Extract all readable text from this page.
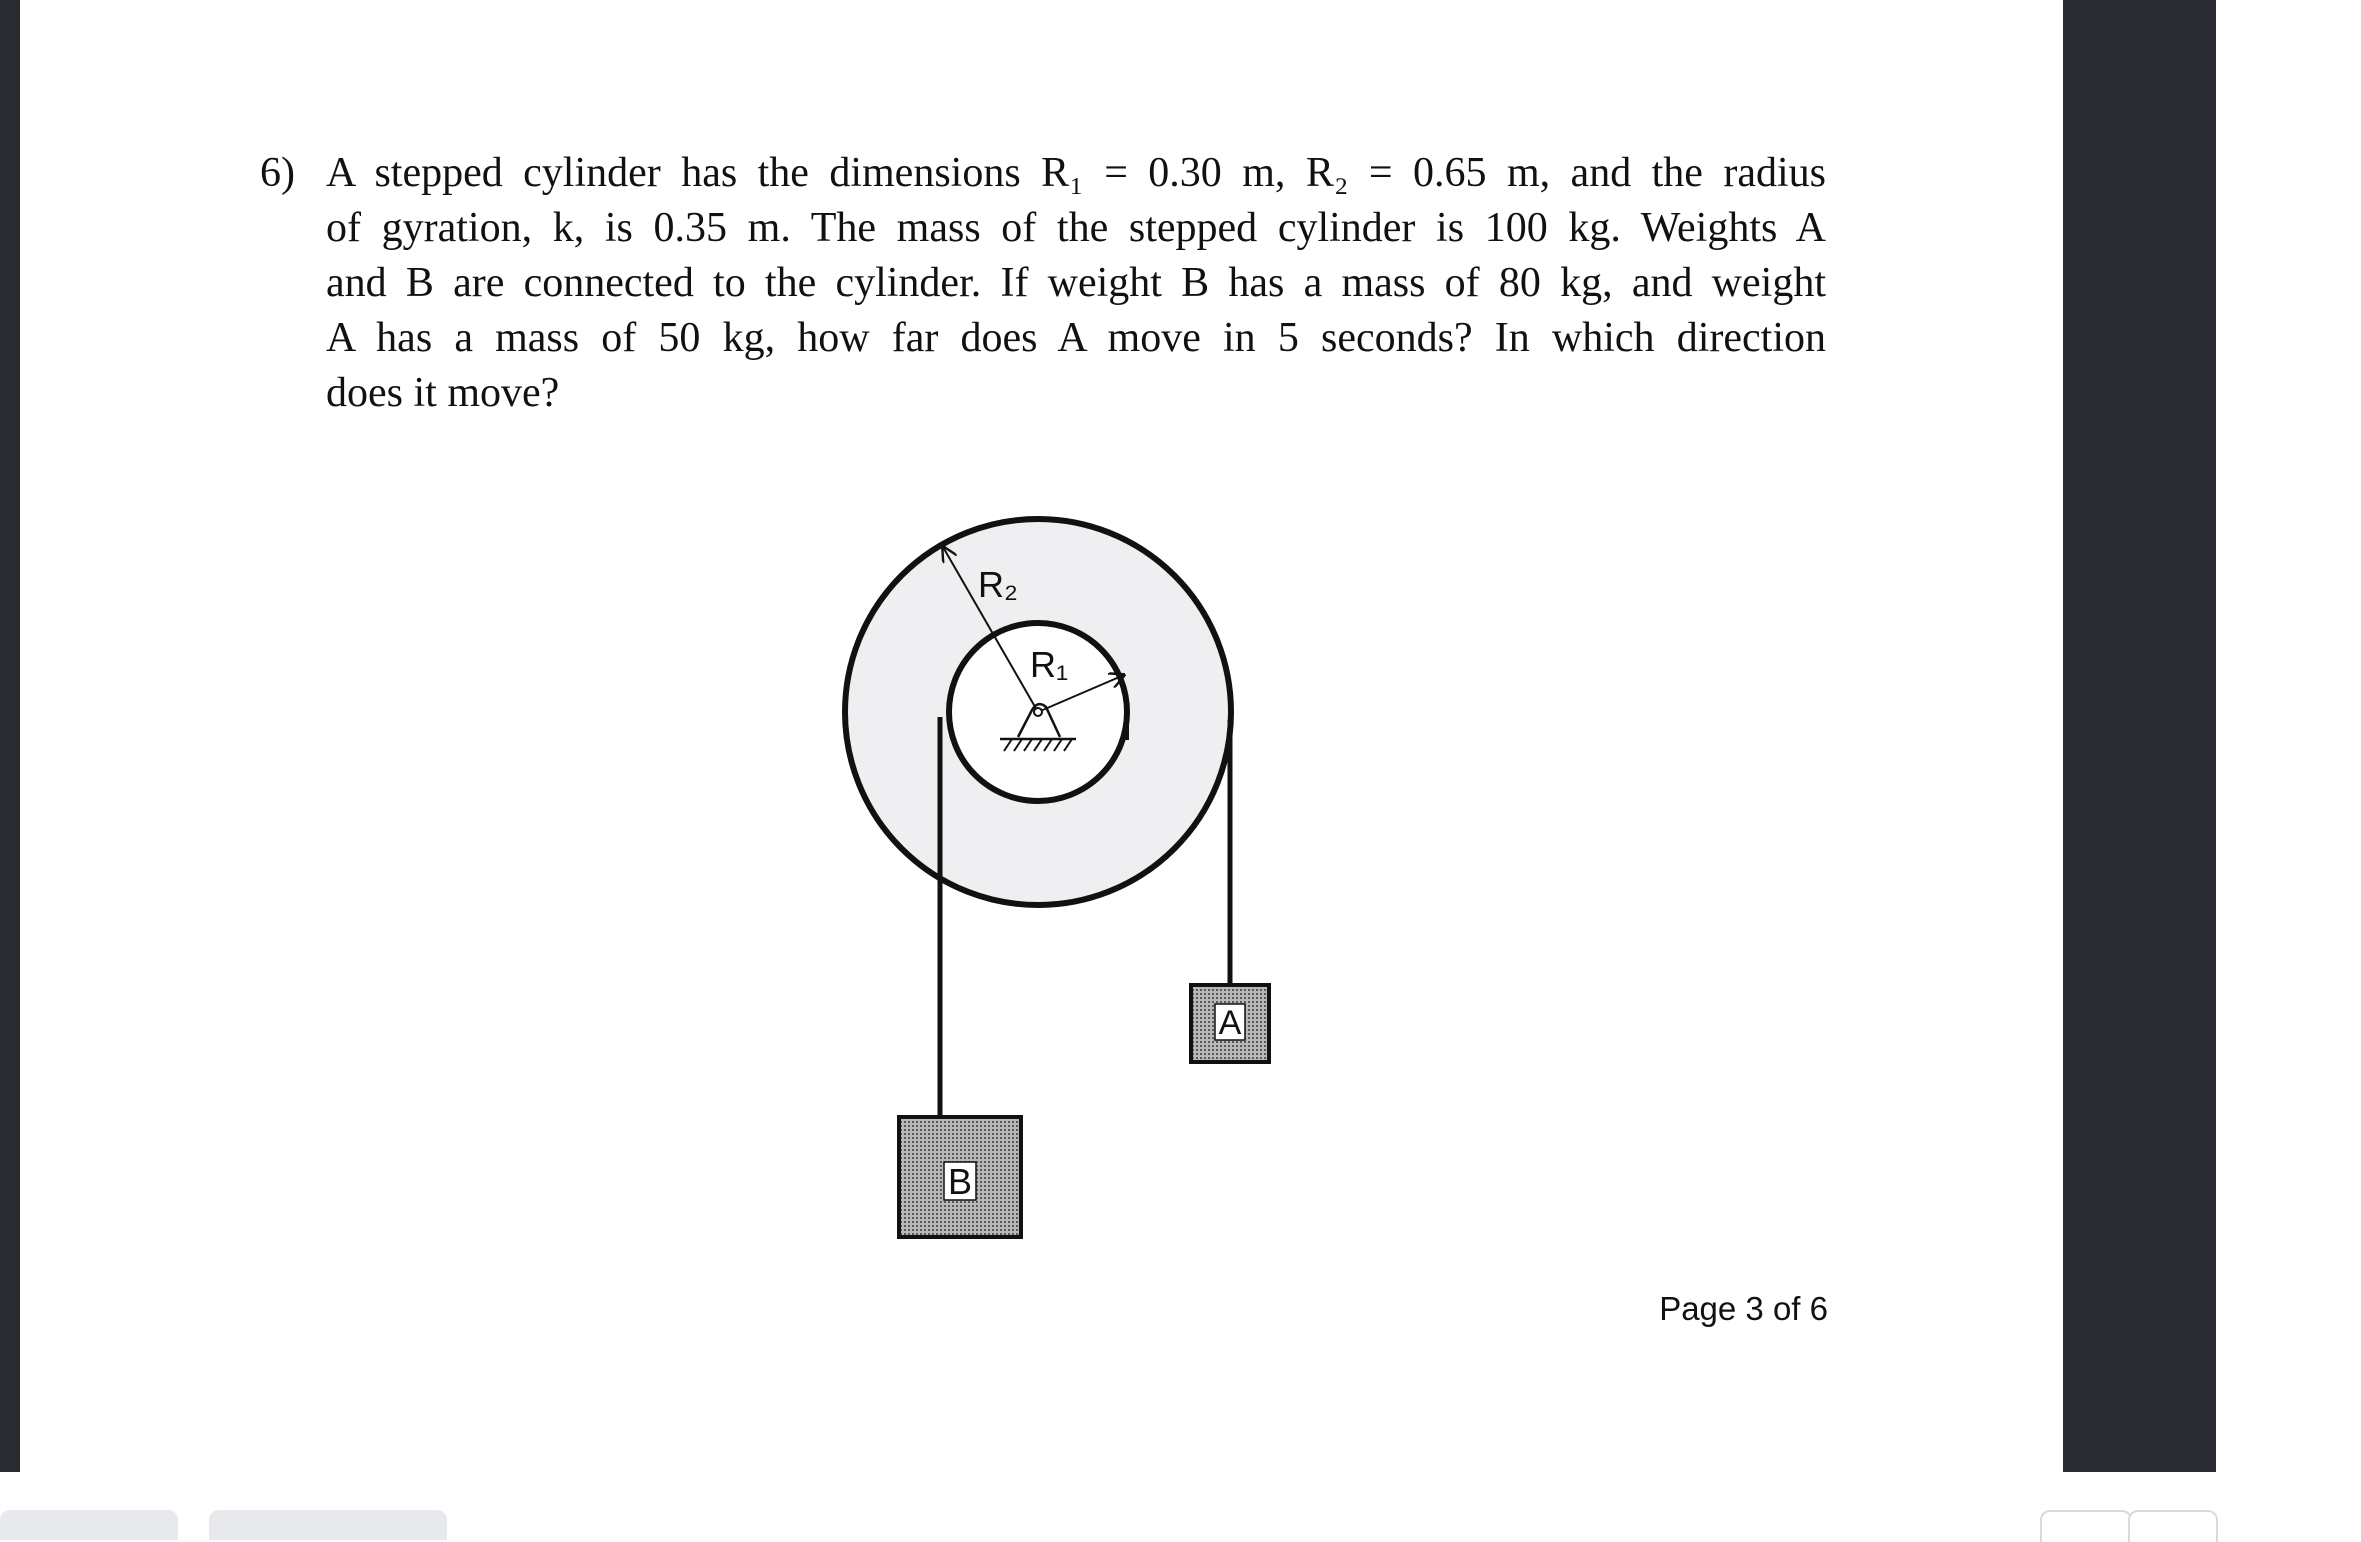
6) A stepped cylinder has the dimensions R₁ = 0.30 m, R₂ = 0.65 m, and the radius
of gyration, k, is 0.35 m. The mass of the stepped cylinder is 100 kg. Weights A
and B are connected to the cylinder. If weight B has a mass of 80 kg, and weight
A has a mass of 50 kg, how far does A move in 5 seconds? In which direction
does it move?
R₂
R₁
A
B
Page 3 of 6
